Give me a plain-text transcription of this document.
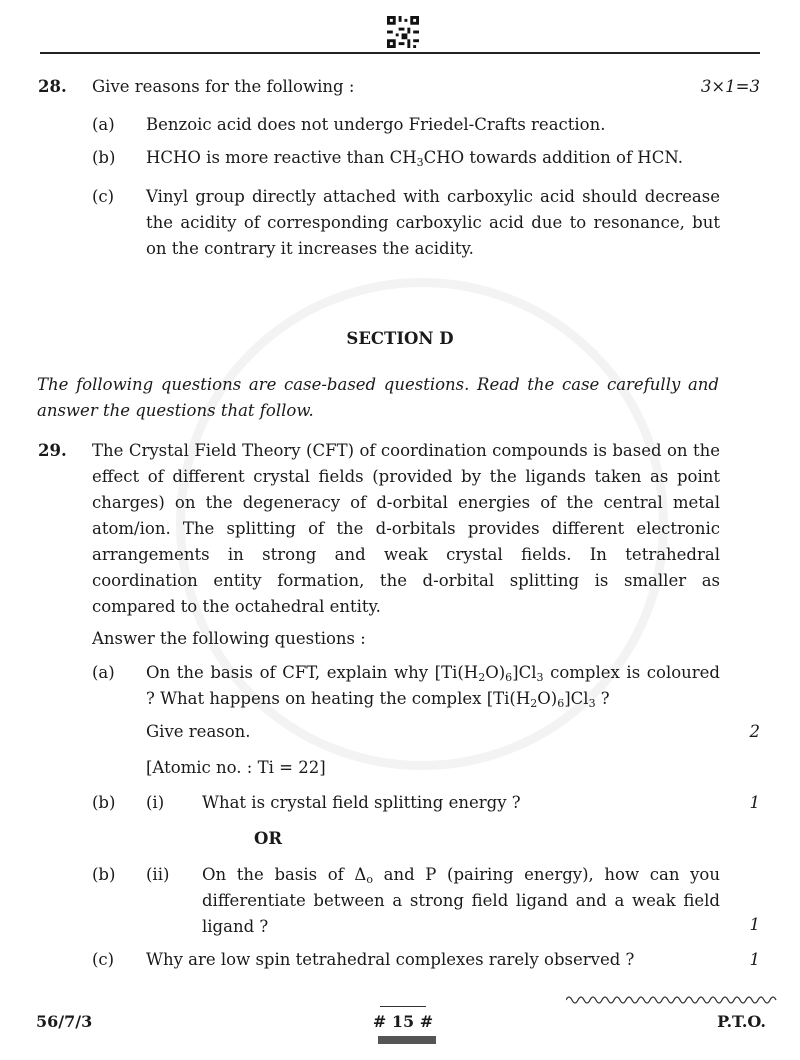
28. Give reasons for the following :	3×1=3
(a) Benzoic acid does not undergo Friedel-Crafts reaction.
(b) HCHO is more reactive than $CH_3CHO$ towards addition of HCN.
(c) Vinyl group directly attached with carboxylic acid should decrease the acidity of corresponding carboxylic acid due to resonance, but on the contrary it increases the acidity.
SECTION D
The following questions are case-based questions. Read the case carefully and answer the questions that follow.
29. The Crystal Field Theory (CFT) of coordination compounds is based on the effect of different crystal fields (provided by the ligands taken as point charges) on the degeneracy of d-orbital energies of the central metal atom/ion. The splitting of the d-orbitals provides different electronic arrangements in strong and weak crystal fields. In tetrahedral coordination entity formation, the d-orbital splitting is smaller as compared to the octahedral entity.
Answer the following questions :
(a) On the basis of CFT, explain why $[Ti(H_2O)_6]Cl_3$ complex is coloured ? What happens on heating the complex $[Ti(H_2O)_6]Cl_3$ ?
Give reason.	2
[Atomic no. : Ti = 22]
(b) (i) What is crystal field splitting energy ?	1
OR
(b) (ii) On the basis of $\Delta_o$ and P (pairing energy), how can you differentiate between a strong field ligand and a weak field ligand ?	1
(c) Why are low spin tetrahedral complexes rarely observed ?	1
56/7/3	# 15 #	P.T.O.
